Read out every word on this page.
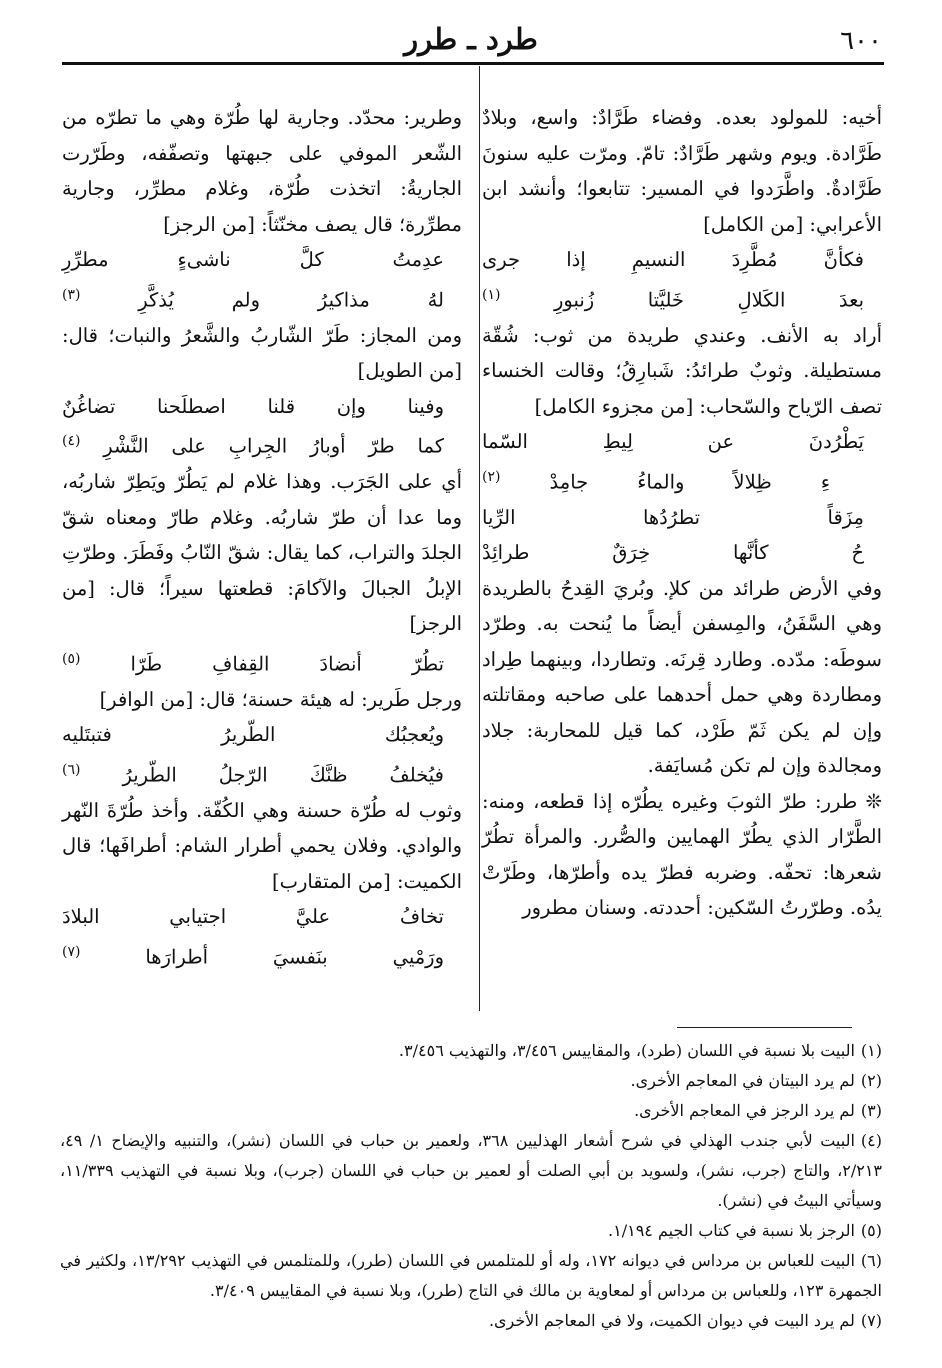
٦٠٠
طرد ـ طرر

أخيه: للمولود بعده. وفضاء طَرَّادٌ: واسع، وبلادٌ طَرَّادة. ويوم وشهر طَرَّادٌ: تامّ. ومرّت عليه سنونَ طَرَّادةٌ. واطَّرَدوا في المسير: تتابعوا؛ وأنشد ابن الأعرابي: [من الكامل]

فكأنَّ مُطَّرِدَ النسيمِ إذا جرى

بعدَ الكَلالِ خَليَّتا زُنبورِ $^{(١)}$

أراد به الأنف. وعندي طريدة من ثوب: شُقّة مستطيلة. وثوبٌ طرائدُ: شَبارِقُ؛ وقالت الخنساء تصف الرّياح والسّحاب: [من مجزوء الكامل]

يَطْرُدنَ عن لِيطِ السّما

ءِ ظِلالاً والماءُ جامِدْ $^{(٢)}$

مِزَقاً تطرُدُها الرِّيا

حُ كأنَّها خِرَقٌ طرائِدْ

وفي الأرض طرائد من كلإ. وبُريَ القِدحُ بالطريدة وهي السَّفَنُ، والمِسفن أيضاً ما يُنحت به. وطرّد سوطَه: مدّده. وطارد قِرنَه. وتطاردا، وبينهما طِراد ومطاردة وهي حمل أحدهما على صاحبه ومقاتلته وإن لم يكن ثَمّ طَرْد، كما قيل للمحاربة: جلاد ومجالدة وإن لم تكن مُسايَفة.

❊ طرر: طرّ الثوبَ وغيره يطُرّه إذا قطعه، ومنه: الطَّرّار الذي يطُرّ الهمايين والصُّرر. والمرأة تطُرّ شعرها: تحفّه. وضربه فطرّ يده وأطرّها، وطَرّتْ يدُه. وطرّرتُ السّكين: أحددته. وسنان مطرور

وطرير: محدّد. وجارية لها طُرّة وهي ما تطرّه من الشّعر الموفي على جبهتها وتصفّفه، وطَرّرت الجاريةُ: اتخذت طُرّة، وغلام مطرِّر، وجارية مطرِّرة؛ قال يصف مخنّثاً: [من الرجز]

عدِمتُ كلَّ ناشىءٍ مطرِّرِ

لهُ مذاكيرُ ولم يُذكَّرِ $^{(٣)}$

ومن المجاز: طَرّ الشّاربُ والشَّعرُ والنبات؛ قال: [من الطويل]

وفينا وإن قلنا اصطلَحنا تضاغُنٌ

كما طرّ أوبارُ الجِرابِ على النَّشْرِ $^{(٤)}$

أي على الجَرَب. وهذا غلام لم يَطُرّ ويَطِرّ شاربُه، وما عدا أن طرّ شاربُه. وغلام طارّ ومعناه شقّ الجلدَ والتراب، كما يقال: شقّ النّابُ وفَطَرَ. وطرّتِ الإبلُ الجبالَ والآكامَ: قطعتها سيراً؛ قال: [من الرجز]

تطُرّ أنضادَ القِفافِ طَرّا $^{(٥)}$

ورجل طَرير: له هيئة حسنة؛ قال: [من الوافر]

ويُعجبُك الطّريرُ فتبتَليه

فيُخلفُ ظنَّكَ الرّجلُ الطّريرُ $^{(٦)}$

وثوب له طُرّة حسنة وهي الكُفّة. وأخذ طُرّةَ النّهر والوادي. وفلان يحمي أطرار الشام: أطرافَها؛ قال الكميت: [من المتقارب]

تخافُ عليَّ اجتيابي البلادَ

ورَمْيي بنَفسيَ أطرارَها $^{(٧)}$

(١)البيت بلا نسبة في اللسان (طرد)، والمقاييس ٣/٤٥٦، والتهذيب ٣/٤٥٦.

(٢)لم يرد البيتان في المعاجم الأخرى.

(٣)لم يرد الرجز في المعاجم الأخرى.

(٤)البيت لأبي جندب الهذلي في شرح أشعار الهذليين ٣٦٨، ولعمير بن حباب في اللسان (نشر)، والتنبيه والإيضاح ١/ ٤٩، ٢/٢١٣، والتاج (جرب، نشر)، ولسويد بن أبي الصلت أو لعمير بن حباب في اللسان (جرب)، وبلا نسبة في التهذيب ١١/٣٣٩، وسيأتي البيتُ في (نشر).

(٥)الرجز بلا نسبة في كتاب الجيم ١/١٩٤.

(٦)البيت للعباس بن مرداس في ديوانه ١٧٢، وله أو للمتلمس في اللسان (طرر)، وللمتلمس في التهذيب ١٣/٢٩٢، ولكثير في الجمهرة ١٢٣، وللعباس بن مرداس أو لمعاوية بن مالك في التاج (طرر)، وبلا نسبة في المقاييس ٣/٤٠٩.

(٧)لم يرد البيت في ديوان الكميت، ولا في المعاجم الأخرى.
